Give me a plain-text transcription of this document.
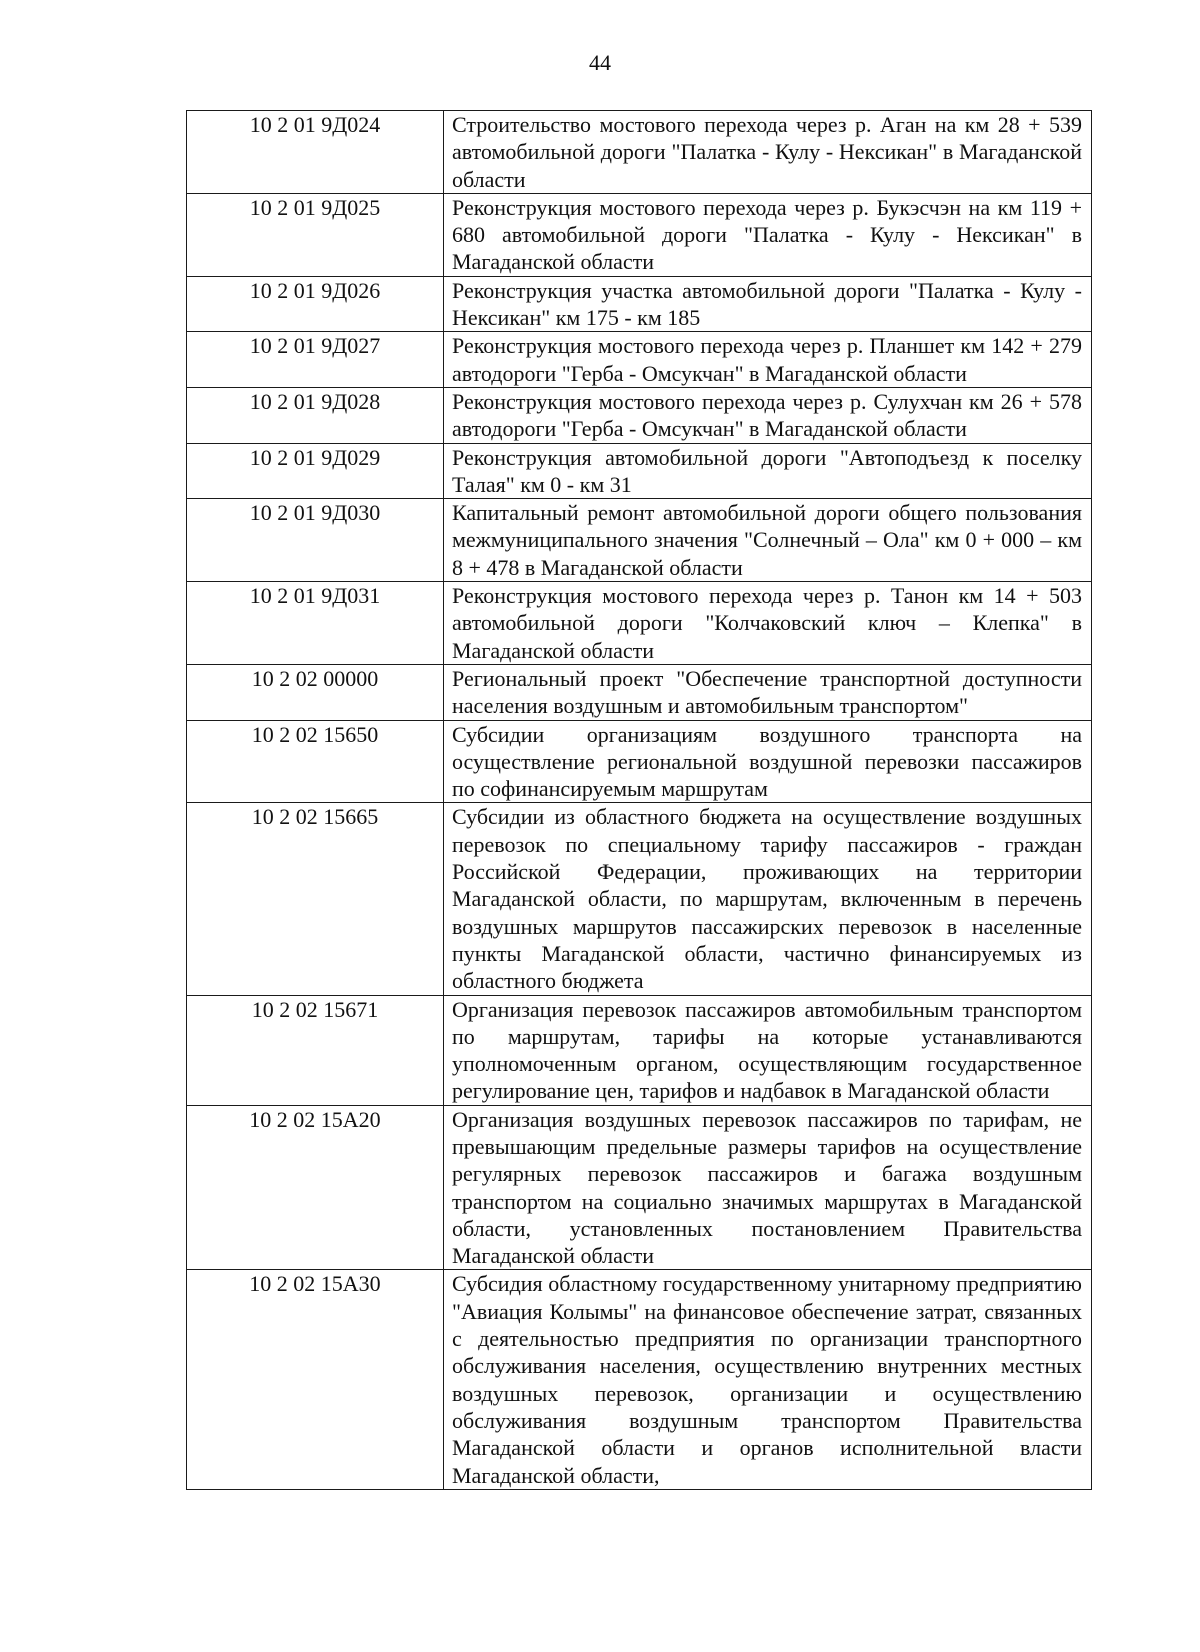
44
10 2 01 9Д024	Строительство мостового перехода через р. Аган на км 28 + 539 автомобильной дороги "Палатка - Кулу - Нексикан" в Магаданской области
10 2 01 9Д025	Реконструкция мостового перехода через р. Букэсчэн на км 119 + 680 автомобильной дороги "Палатка - Кулу - Нексикан" в Магаданской области
10 2 01 9Д026	Реконструкция участка автомобильной дороги "Палатка - Кулу - Нексикан" км 175 - км 185
10 2 01 9Д027	Реконструкция мостового перехода через р. Планшет км 142 + 279 автодороги "Герба - Омсукчан" в Магаданской области
10 2 01 9Д028	Реконструкция мостового перехода через р. Сулухчан км 26 + 578 автодороги "Герба - Омсукчан" в Магаданской области
10 2 01 9Д029	Реконструкция автомобильной дороги "Автоподъезд к поселку Талая" км 0 - км 31
10 2 01 9Д030	Капитальный ремонт автомобильной дороги общего пользования межмуниципального значения "Солнечный – Ола" км 0 + 000 – км 8 + 478 в Магаданской области
10 2 01 9Д031	Реконструкция мостового перехода через р. Танон км 14 + 503 автомобильной дороги "Колчаковский ключ – Клепка" в Магаданской области
10 2 02 00000	Региональный проект "Обеспечение транспортной доступности населения воздушным и автомобильным транспортом"
10 2 02 15650	Субсидии организациям воздушного транспорта на осуществление региональной воздушной перевозки пассажиров по софинансируемым маршрутам
10 2 02 15665	Субсидии из областного бюджета на осуществление воздушных перевозок по специальному тарифу пассажиров - граждан Российской Федерации, проживающих на территории Магаданской области, по маршрутам, включенным в перечень воздушных маршрутов пассажирских перевозок в населенные пункты Магаданской области, частично финансируемых из областного бюджета
10 2 02 15671	Организация перевозок пассажиров автомобильным транспортом по маршрутам, тарифы на которые устанавливаются уполномоченным органом, осуществляющим государственное регулирование цен, тарифов и надбавок в Магаданской области
10 2 02 15А20	Организация воздушных перевозок пассажиров по тарифам, не превышающим предельные размеры тарифов на осуществление регулярных перевозок пассажиров и багажа воздушным транспортом на социально значимых маршрутах в Магаданской области, установленных постановлением Правительства Магаданской области
10 2 02 15А30	Субсидия областному государственному унитарному предприятию "Авиация Колымы" на финансовое обеспечение затрат, связанных с деятельностью предприятия по организации транспортного обслуживания населения, осуществлению внутренних местных воздушных перевозок, организации и осуществлению обслуживания воздушным транспортом Правительства Магаданской области и органов исполнительной власти Магаданской области,
